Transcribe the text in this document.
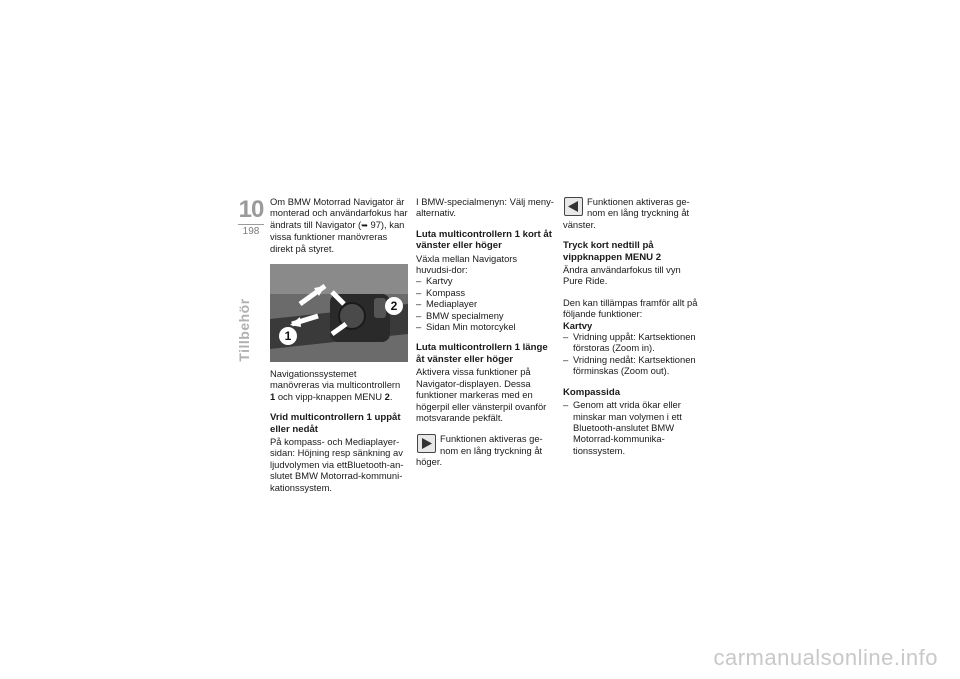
10
198
Tillbehör

Om BMW Motorrad Navigator är monterad och användarfokus har ändrats till Navigator (➥ 97), kan vissa funktioner manövreras direkt på styret.

1
2

Navigationssystemet manövreras via multicontrollern 1 och vipp-knappen MENU 2.

Vrid multicontrollern 1 uppåt eller nedåt

På kompass- och Mediaplayer-sidan: Höjning resp sänkning av ljudvolymen via ettBluetooth-an-slutet BMW Motorrad-kommuni-kationssystem.

I BMW-specialmenyn: Välj meny-alternativ.

Luta multicontrollern 1 kort åt vänster eller höger

Växla mellan Navigators huvudsi-dor:

– Kartvy
– Kompass
– Mediaplayer
– BMW specialmeny
– Sidan Min motorcykel
Luta multicontrollern 1 länge åt vänster eller höger

Aktivera vissa funktioner på Navigator-displayen. Dessa funktioner markeras med en högerpil eller vänsterpil ovanför motsvarande pekfält.

Funktionen aktiveras ge-nom en lång tryckning åt höger.
Funktionen aktiveras ge-nom en lång tryckning åt vänster.
Tryck kort nedtill på vippknappen MENU 2

Ändra användarfokus till vyn Pure Ride.

Den kan tillämpas framför allt på följande funktioner:

Kartvy
– Vridning uppåt: Kartsektionen förstoras (Zoom in).
– Vridning nedåt: Kartsektionen förminskas (Zoom out).
Kompassida
– Genom att vrida ökar eller minskar man volymen i ett Bluetooth-anslutet BMW Motorrad-kommunika-tionssystem.
carmanualsonline.info
